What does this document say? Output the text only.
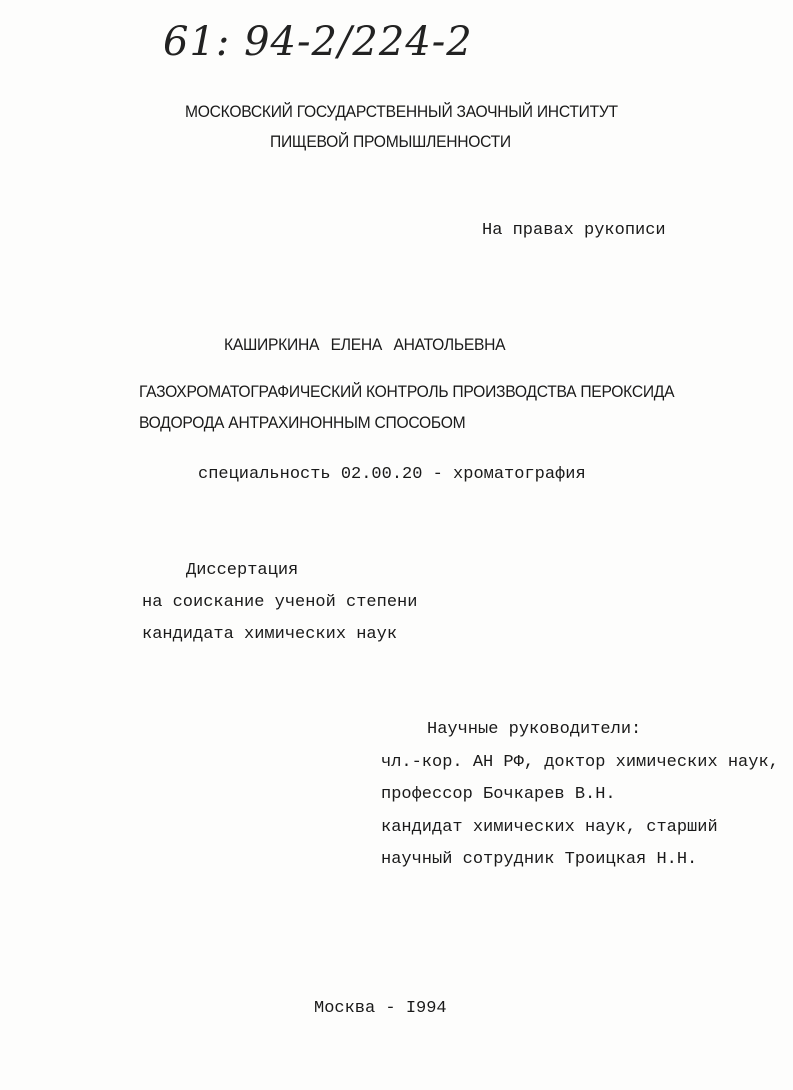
61: 94-2/224-2
МОСКОВСКИЙ ГОСУДАРСТВЕННЫЙ ЗАОЧНЫЙ ИНСТИТУТ
ПИЩЕВОЙ ПРОМЫШЛЕННОСТИ
На правах рукописи
КАШИРКИНА ЕЛЕНА АНАТОЛЬЕВНА
ГАЗОХРОМАТОГРАФИЧЕСКИЙ КОНТРОЛЬ ПРОИЗВОДСТВА ПЕРОКСИДА
ВОДОРОДА АНТРАХИНОННЫМ СПОСОБОМ
специальность 02.00.20 - хроматография
Диссертация
на соискание ученой степени
кандидата химических наук
Научные руководители:
чл.-кор. АН РФ, доктор химических наук,
профессор Бочкарев В.Н.
кандидат химических наук, старший
научный сотрудник Троицкая Н.Н.
Москва - I994
